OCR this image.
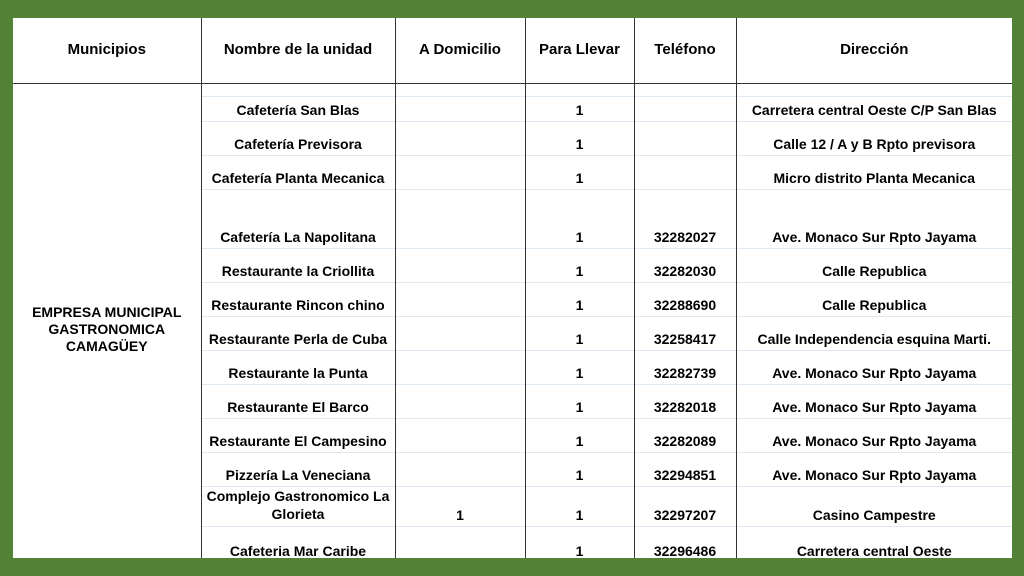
Municipios	Nombre de la unidad	A Domicilio	Para Llevar	Teléfono	Dirección
EMPRESA MUNICIPAL GASTRONOMICA CAMAGÜEY					
	Cafetería San Blas		1		Carretera central Oeste C/P San Blas
	Cafetería Previsora		1		Calle 12 / A y B Rpto previsora
	Cafetería Planta Mecanica		1		Micro distrito Planta Mecanica
	Cafetería La Napolitana		1	32282027	Ave. Monaco Sur Rpto Jayama
	Restaurante la Criollita		1	32282030	Calle Republica
	Restaurante Rincon chino		1	32288690	Calle Republica
	Restaurante Perla de Cuba		1	32258417	Calle Independencia esquina Marti.
	Restaurante la Punta		1	32282739	Ave. Monaco Sur Rpto Jayama
	Restaurante El Barco		1	32282018	Ave. Monaco Sur Rpto Jayama
	Restaurante El Campesino		1	32282089	Ave. Monaco Sur Rpto Jayama
	Pizzería La Veneciana		1	32294851	Ave. Monaco Sur Rpto Jayama
	Complejo Gastronomico La Glorieta	1	1	32297207	Casino Campestre
	Cafeteria Mar Caribe		1	32296486	Carretera central Oeste
